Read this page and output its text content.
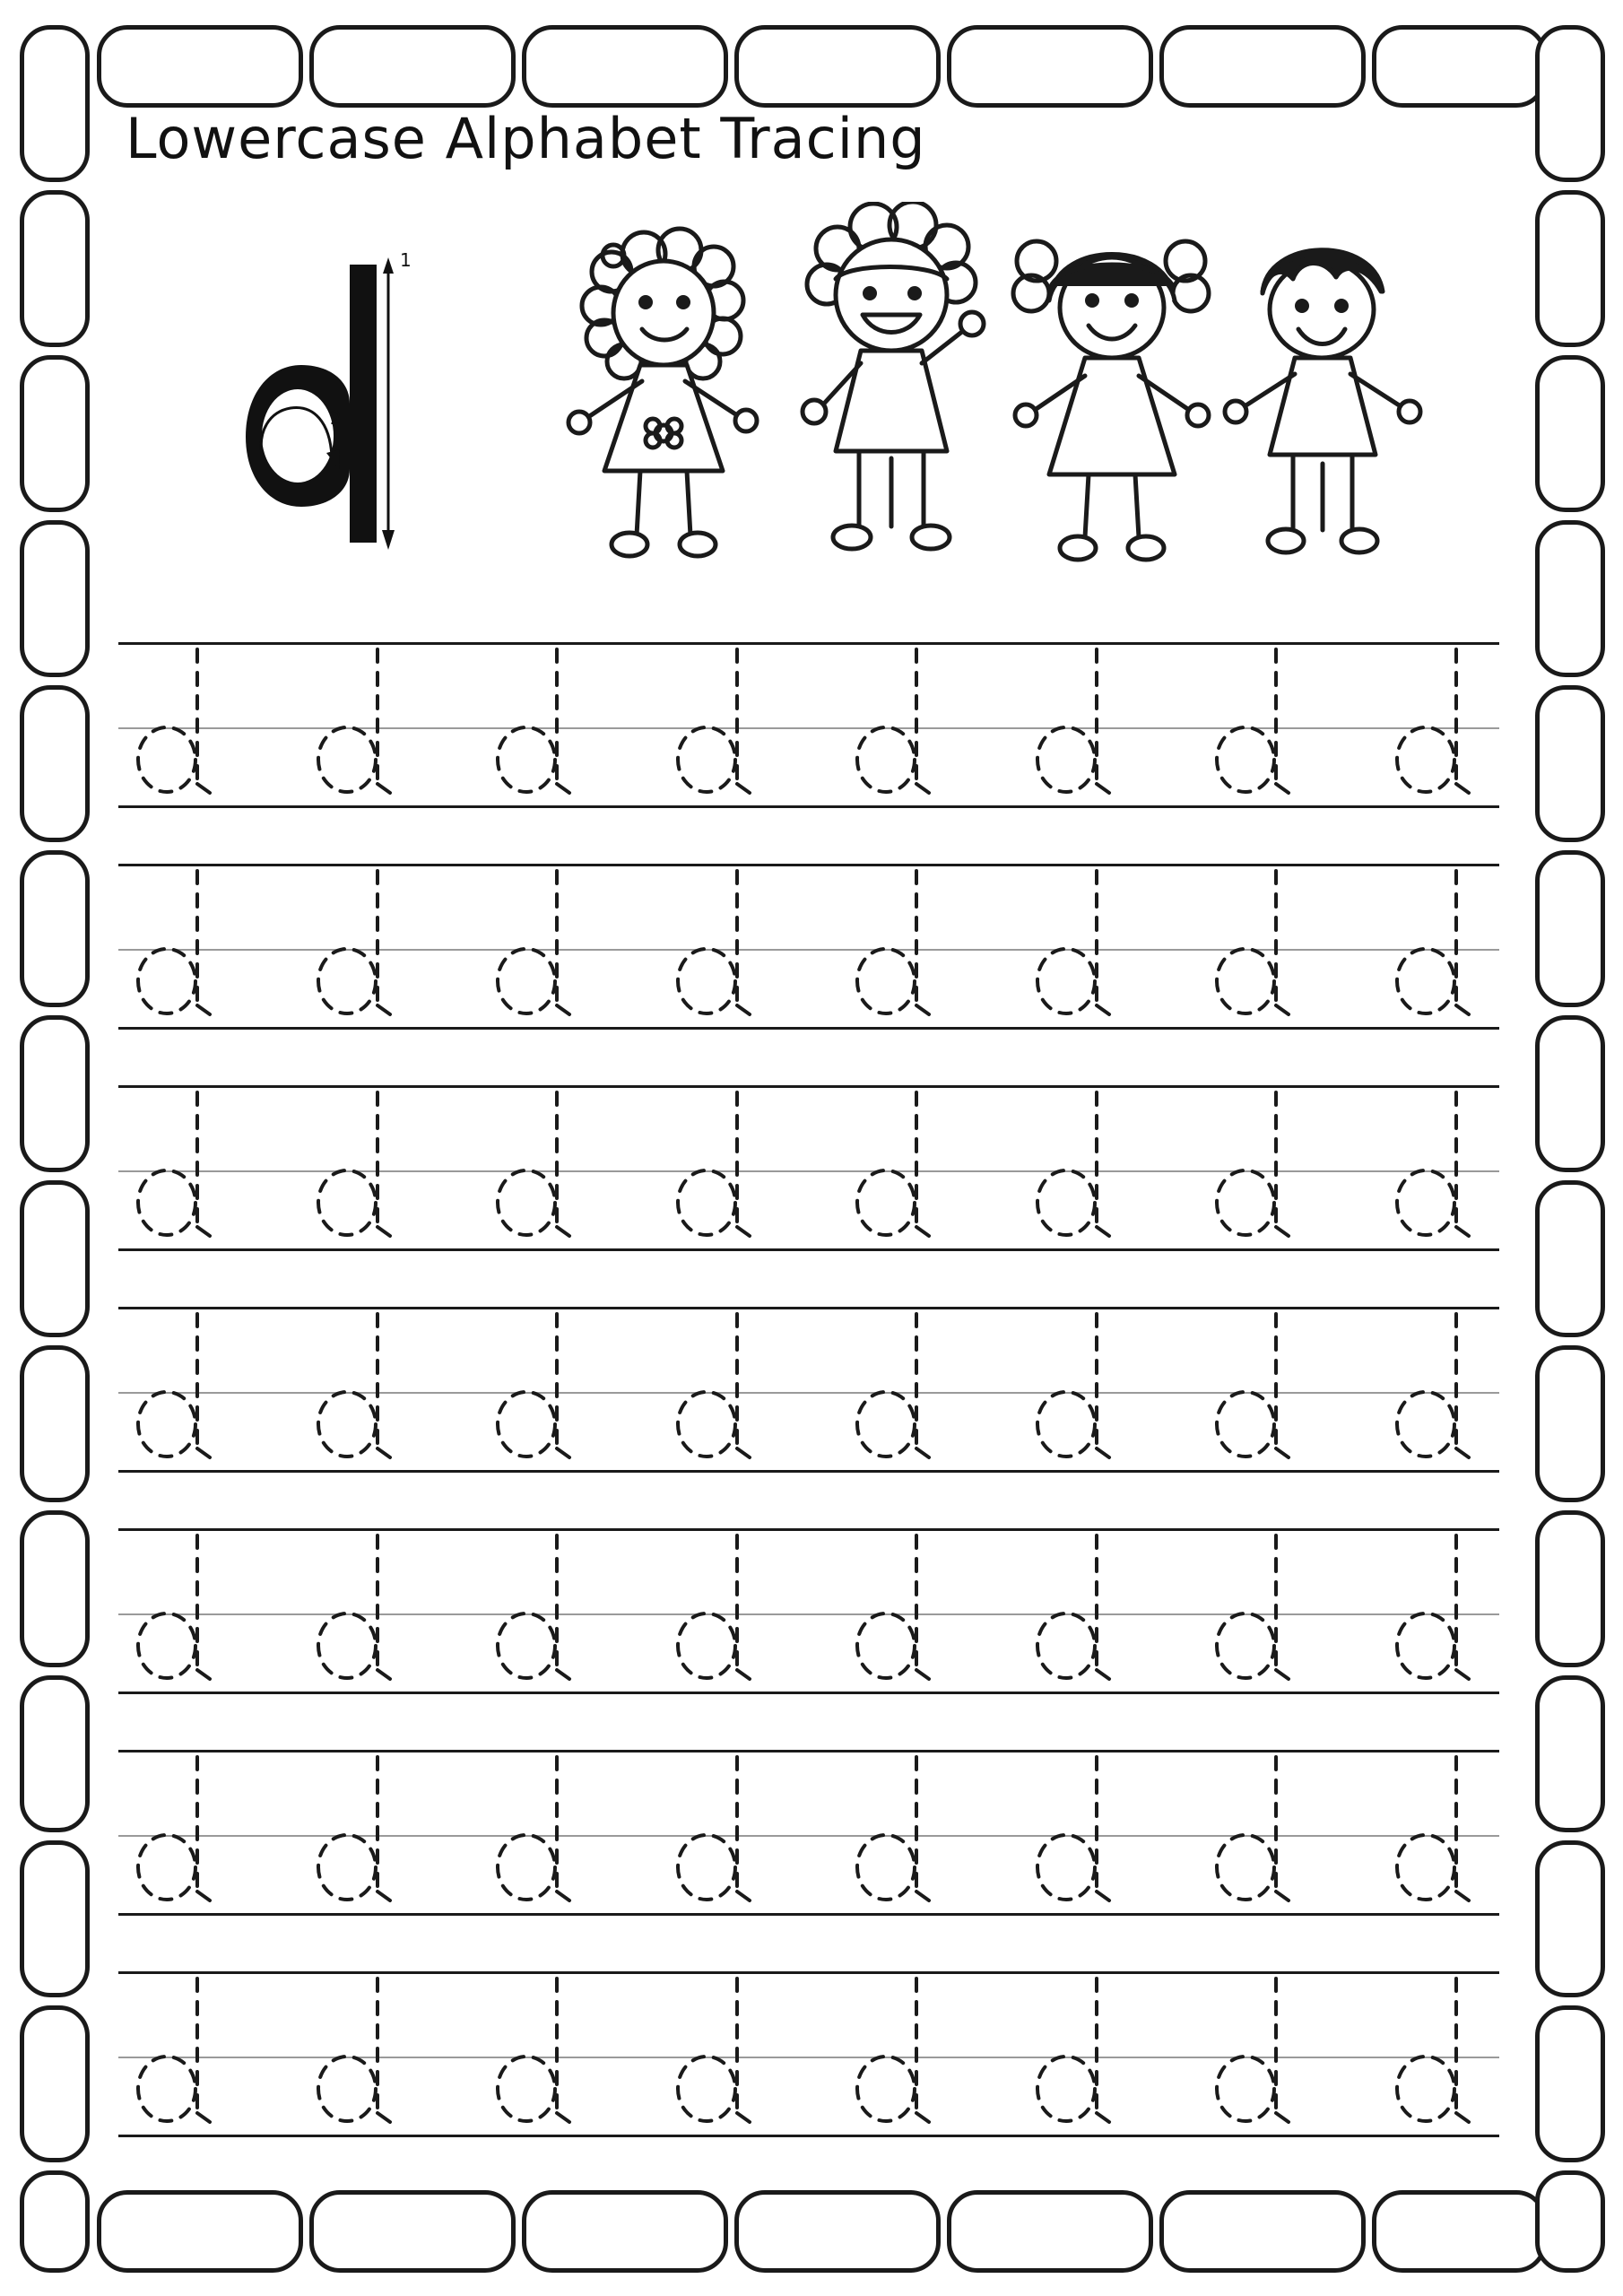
Lowercase Alphabet Tracing
1
2
